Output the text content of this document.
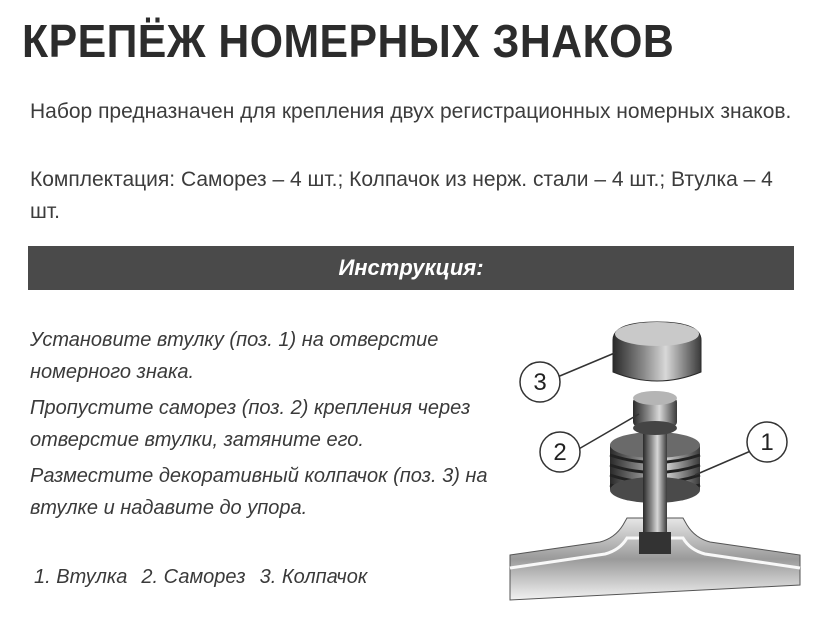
КРЕПЁЖ НОМЕРНЫХ ЗНАКОВ
Набор предназначен для крепления двух регистрационных номерных знаков.
Комплектация: Саморез – 4 шт.; Колпачок из нерж. стали – 4 шт.; Втулка – 4 шт.
Инструкция:

Установите втулку (поз. 1) на отверстие номерного знака.

Пропустите саморез (поз. 2) крепления через отверстие втулки, затяните его.

Разместите декоративный колпачок (поз. 3) на втулке и надавите до упора.

1. Втулка 2. Саморез 3. Колпачок
3
2	1
